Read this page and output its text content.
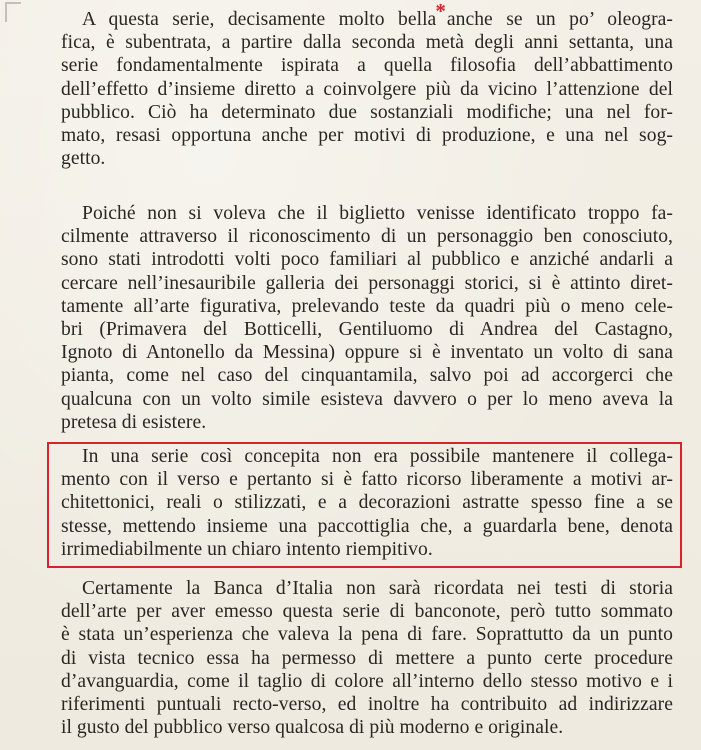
A questa serie, decisamente molto bella*anche se un po’ oleogra-
fica, è subentrata, a partire dalla seconda metà degli anni settanta, una
serie fondamentalmente ispirata a quella filosofia dell’abbattimento
dell’effetto d’insieme diretto a coinvolgere più da vicino l’attenzione del
pubblico. Ciò ha determinato due sostanziali modifiche; una nel for-
mato, resasi opportuna anche per motivi di produzione, e una nel sog-
getto.
Poiché non si voleva che il biglietto venisse identificato troppo fa-
cilmente attraverso il riconoscimento di un personaggio ben conosciuto,
sono stati introdotti volti poco familiari al pubblico e anziché andarli a
cercare nell’inesauribile galleria dei personaggi storici, si è attinto diret-
tamente all’arte figurativa, prelevando teste da quadri più o meno cele-
bri (Primavera del Botticelli, Gentiluomo di Andrea del Castagno,
Ignoto di Antonello da Messina) oppure si è inventato un volto di sana
pianta, come nel caso del cinquantamila, salvo poi ad accorgerci che
qualcuna con un volto simile esisteva davvero o per lo meno aveva la
pretesa di esistere.
In una serie così concepita non era possibile mantenere il collega-
mento con il verso e pertanto si è fatto ricorso liberamente a motivi ar-
chitettonici, reali o stilizzati, e a decorazioni astratte spesso fine a se
stesse, mettendo insieme una paccottiglia che, a guardarla bene, denota
irrimediabilmente un chiaro intento riempitivo.
Certamente la Banca d’Italia non sarà ricordata nei testi di storia
dell’arte per aver emesso questa serie di banconote, però tutto sommato
è stata un’esperienza che valeva la pena di fare. Soprattutto da un punto
di vista tecnico essa ha permesso di mettere a punto certe procedure
d’avanguardia, come il taglio di colore all’interno dello stesso motivo e i
riferimenti puntuali recto-verso, ed inoltre ha contribuito ad indirizzare
il gusto del pubblico verso qualcosa di più moderno e originale.
